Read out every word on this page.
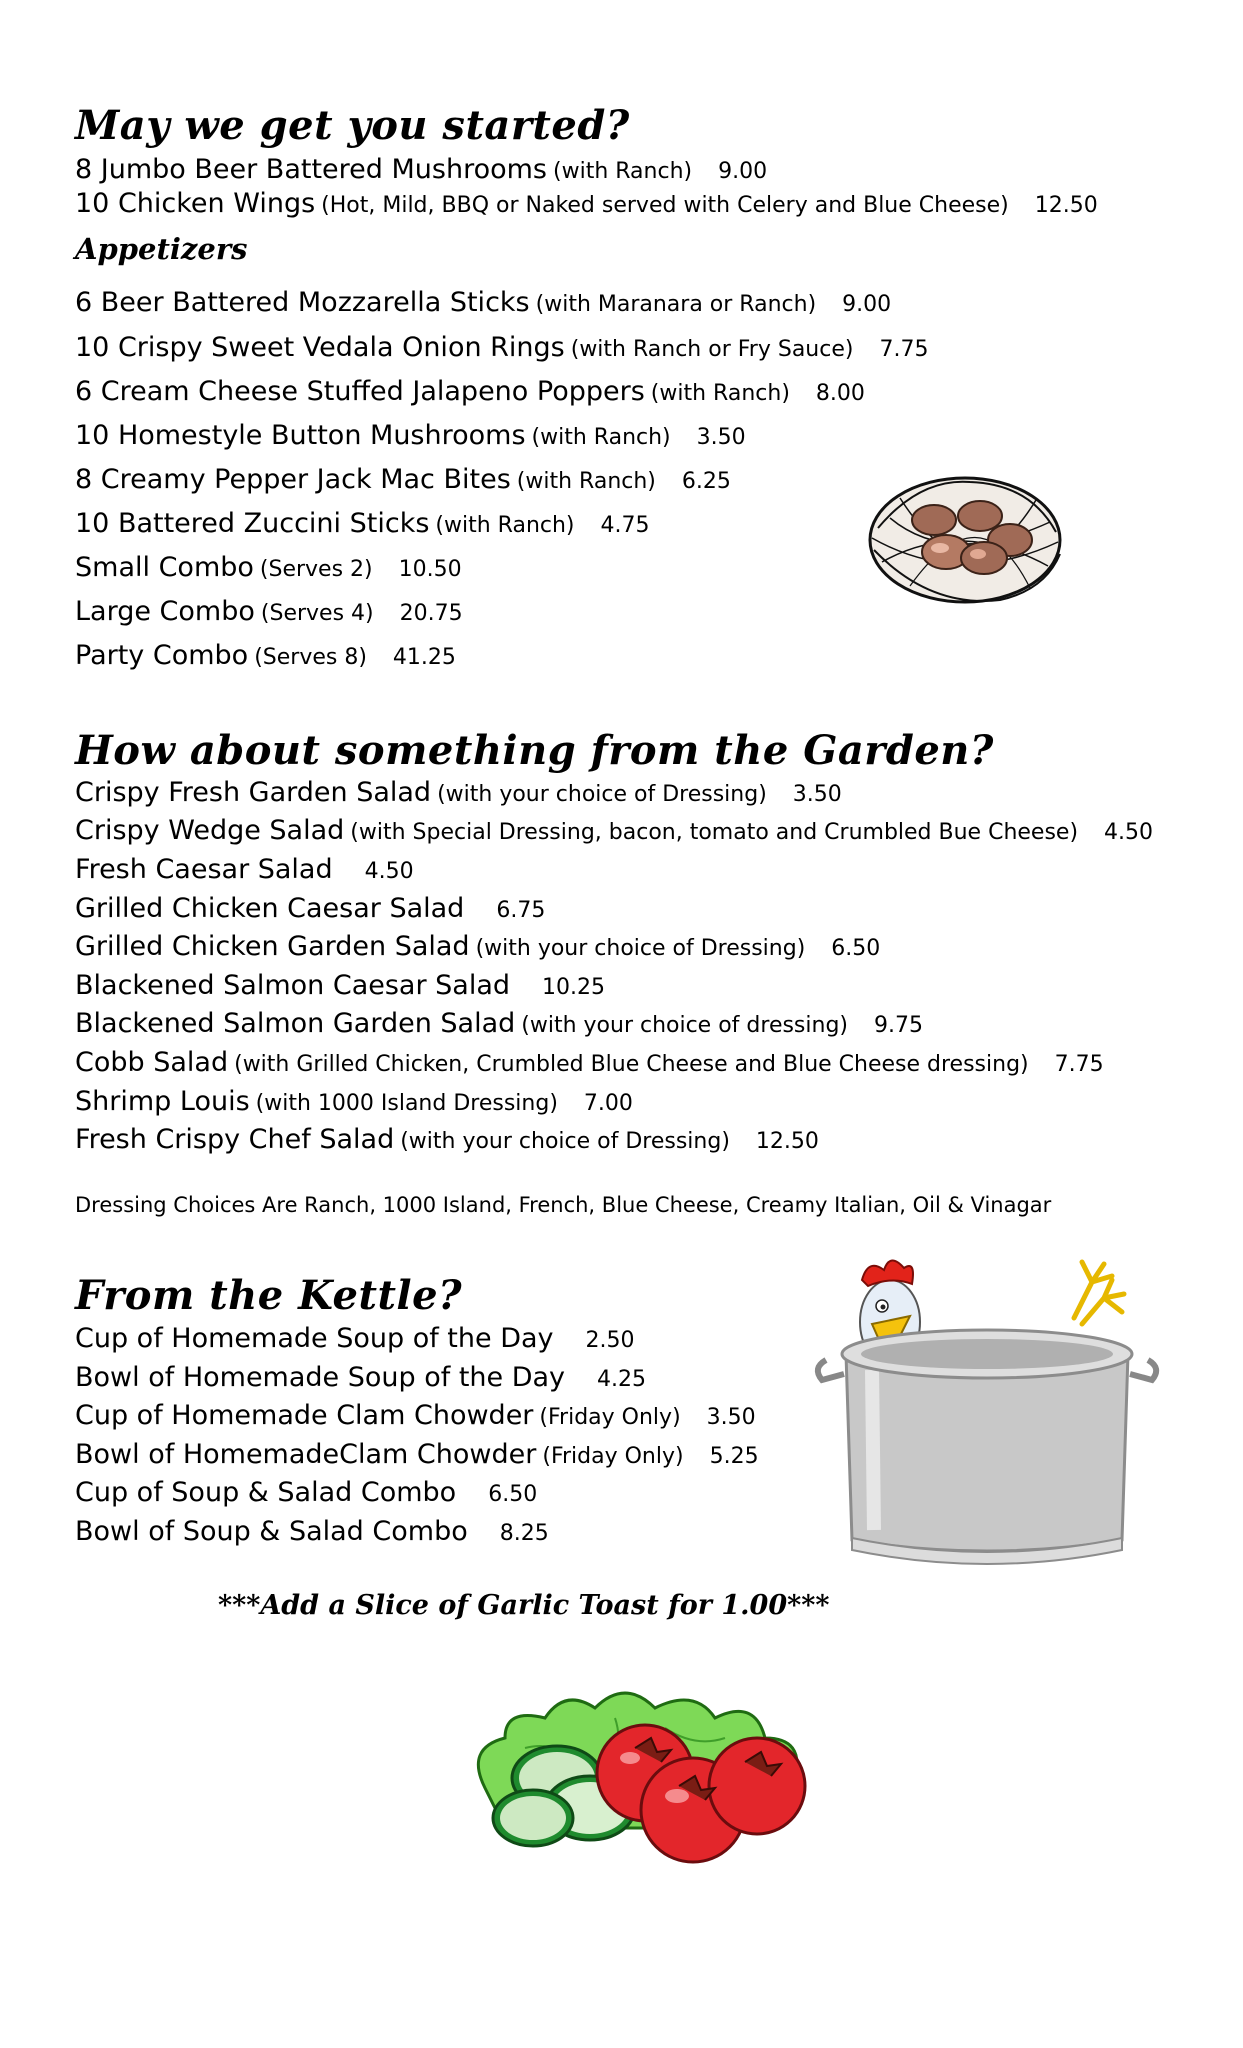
May we get you started?
8 Jumbo Beer Battered Mushrooms (with Ranch) 9.00
10 Chicken Wings (Hot, Mild, BBQ or Naked served with Celery and Blue Cheese) 12.50
Appetizers
6 Beer Battered Mozzarella Sticks (with Maranara or Ranch) 9.00
10 Crispy Sweet Vedala Onion Rings (with Ranch or Fry Sauce) 7.75
6 Cream Cheese Stuffed Jalapeno Poppers (with Ranch) 8.00
10 Homestyle Button Mushrooms (with Ranch) 3.50
8 Creamy Pepper Jack Mac Bites (with Ranch) 6.25
10 Battered Zuccini Sticks (with Ranch) 4.75
Small Combo (Serves 2) 10.50
Large Combo (Serves 4) 20.75
Party Combo (Serves 8) 41.25
How about something from the Garden?
Crispy Fresh Garden Salad (with your choice of Dressing) 3.50
Crispy Wedge Salad (with Special Dressing, bacon, tomato and Crumbled Bue Cheese) 4.50
Fresh Caesar Salad 4.50
Grilled Chicken Caesar Salad 6.75
Grilled Chicken Garden Salad (with your choice of Dressing) 6.50
Blackened Salmon Caesar Salad 10.25
Blackened Salmon Garden Salad (with your choice of dressing) 9.75
Cobb Salad (with Grilled Chicken, Crumbled Blue Cheese and Blue Cheese dressing) 7.75
Shrimp Louis (with 1000 Island Dressing) 7.00
Fresh Crispy Chef Salad (with your choice of Dressing) 12.50
Dressing Choices Are Ranch, 1000 Island, French, Blue Cheese, Creamy Italian, Oil & Vinagar
From the Kettle?
Cup of Homemade Soup of the Day 2.50
Bowl of Homemade Soup of the Day 4.25
Cup of Homemade Clam Chowder (Friday Only) 3.50
Bowl of HomemadeClam Chowder (Friday Only) 5.25
Cup of Soup & Salad Combo 6.50
Bowl of Soup & Salad Combo 8.25
***Add a Slice of Garlic Toast for 1.00***
